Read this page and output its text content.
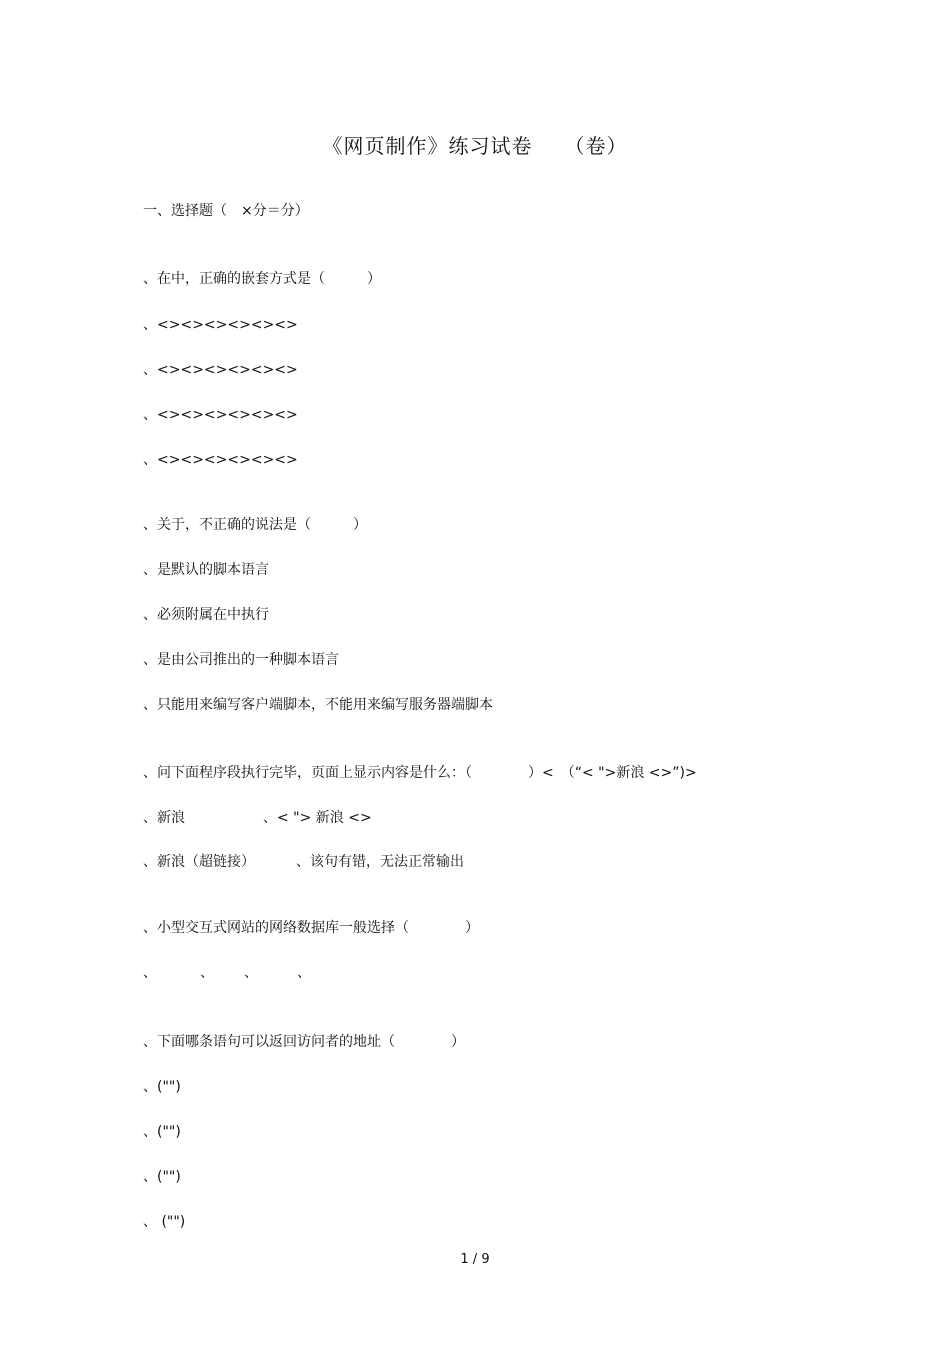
《网页制作》练习试卷　　（卷）
一、选择题（　×分＝分）
、在中，正确的嵌套方式是（　　　）
、<><><><><><>
、<><><><><><>
、<><><><><><>
、<><><><><><>
、关于，不正确的说法是（　　　）
、是默认的脚本语言
、必须附属在中执行
、是由公司推出的一种脚本语言
、只能用来编写客户端脚本，不能用来编写服务器端脚本
、问下面程序段执行完毕，页面上显示内容是什么：（　　　　）<　（“< ">新浪 <>”)>
、新浪	、< "> 新浪 <>
、新浪（超链接）	、该句有错，无法正常输出
、小型交互式网站的网络数据库一般选择（　　　　）
、	、 、	、
、下面哪条语句可以返回访问者的地址（　　　　）
、("")
、("")
、("")
、 ("")
1 / 9
